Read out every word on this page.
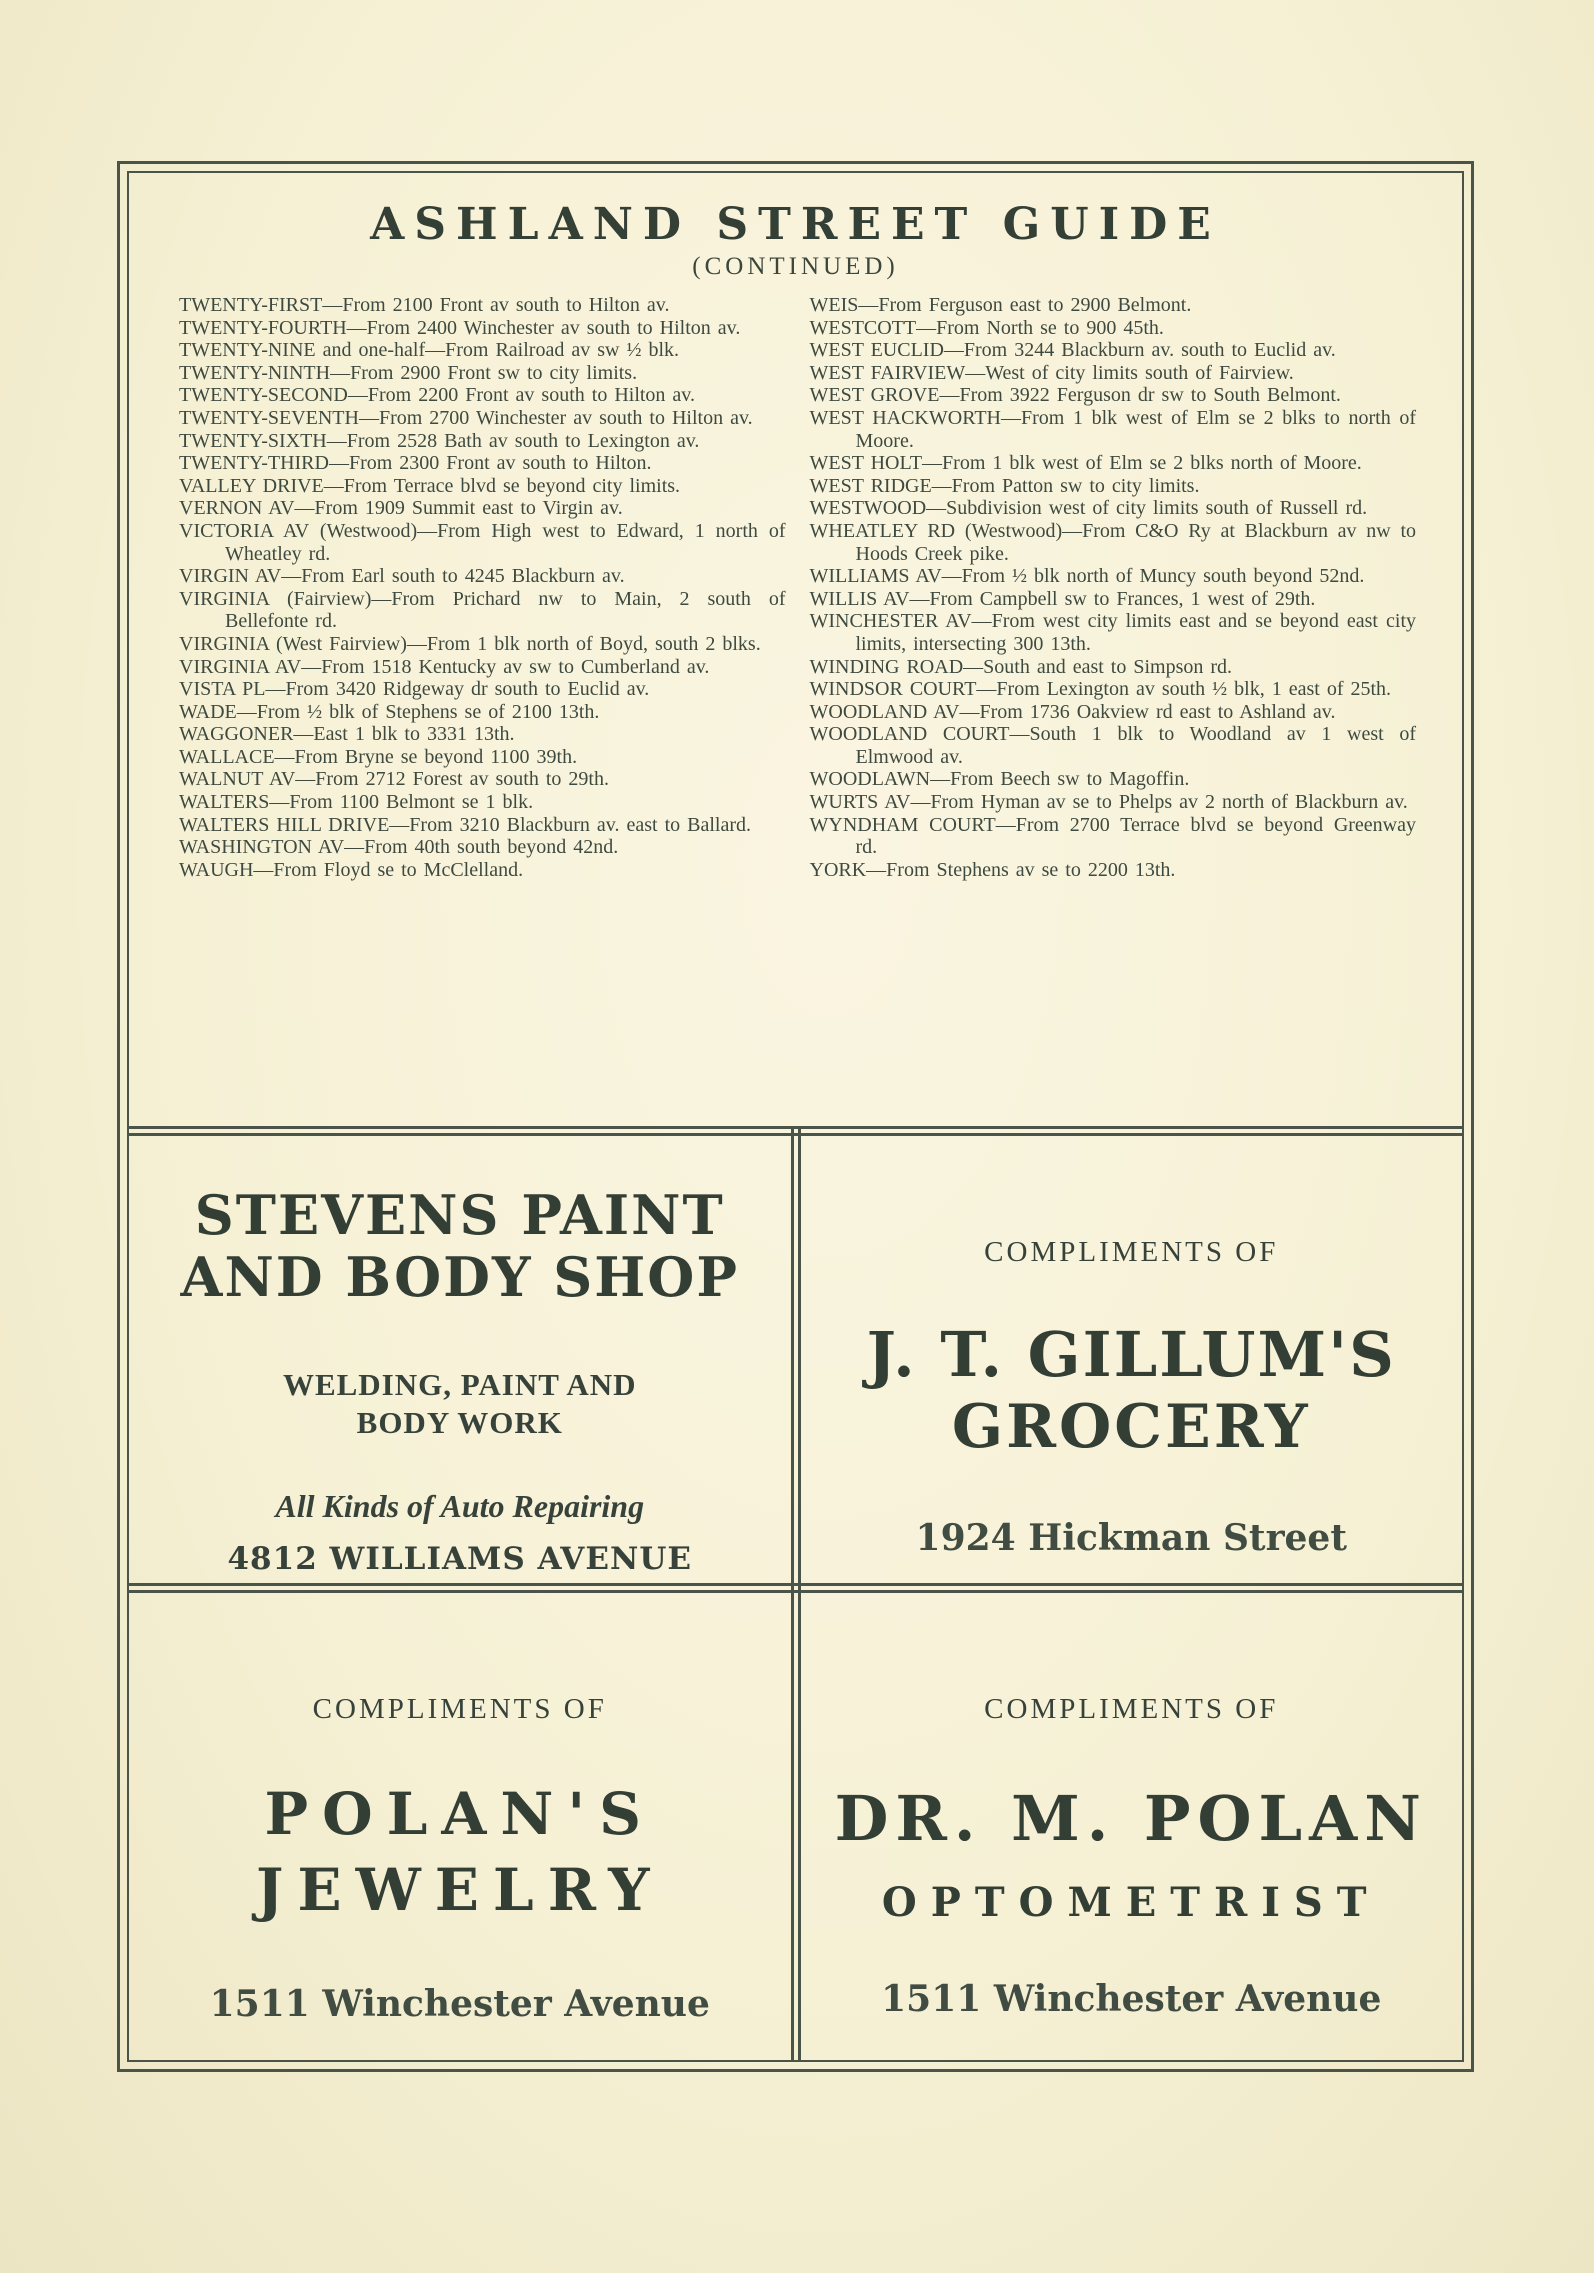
ASHLAND STREET GUIDE
(CONTINUED)

TWENTY-FIRST—From 2100 Front av south to Hilton av.

TWENTY-FOURTH—From 2400 Winchester av south to Hilton av.

TWENTY-NINE and one-half—From Railroad av sw ½ blk.

TWENTY-NINTH—From 2900 Front sw to city limits.

TWENTY-SECOND—From 2200 Front av south to Hilton av.

TWENTY-SEVENTH—From 2700 Winchester av south to Hilton av.

TWENTY-SIXTH—From 2528 Bath av south to Lexington av.

TWENTY-THIRD—From 2300 Front av south to Hilton.

VALLEY DRIVE—From Terrace blvd se beyond city limits.

VERNON AV—From 1909 Summit east to Virgin av.

VICTORIA AV (Westwood)—From High west to Edward, 1 north of Wheatley rd.

VIRGIN AV—From Earl south to 4245 Blackburn av.

VIRGINIA (Fairview)—From Prichard nw to Main, 2 south of Bellefonte rd.

VIRGINIA (West Fairview)—From 1 blk north of Boyd, south 2 blks.

VIRGINIA AV—From 1518 Kentucky av sw to Cumberland av.

VISTA PL—From 3420 Ridgeway dr south to Euclid av.

WADE—From ½ blk of Stephens se of 2100 13th.

WAGGONER—East 1 blk to 3331 13th.

WALLACE—From Bryne se beyond 1100 39th.

WALNUT AV—From 2712 Forest av south to 29th.

WALTERS—From 1100 Belmont se 1 blk.

WALTERS HILL DRIVE—From 3210 Blackburn av. east to Ballard.

WASHINGTON AV—From 40th south beyond 42nd.

WAUGH—From Floyd se to McClelland.

WEIS—From Ferguson east to 2900 Belmont.

WESTCOTT—From North se to 900 45th.

WEST EUCLID—From 3244 Blackburn av. south to Euclid av.

WEST FAIRVIEW—West of city limits south of Fairview.

WEST GROVE—From 3922 Ferguson dr sw to South Belmont.

WEST HACKWORTH—From 1 blk west of Elm se 2 blks to north of Moore.

WEST HOLT—From 1 blk west of Elm se 2 blks north of Moore.

WEST RIDGE—From Patton sw to city limits.

WESTWOOD—Subdivision west of city limits south of Russell rd.

WHEATLEY RD (Westwood)—From C&O Ry at Blackburn av nw to Hoods Creek pike.

WILLIAMS AV—From ½ blk north of Muncy south beyond 52nd.

WILLIS AV—From Campbell sw to Frances, 1 west of 29th.

WINCHESTER AV—From west city limits east and se beyond east city limits, intersecting 300 13th.

WINDING ROAD—South and east to Simpson rd.

WINDSOR COURT—From Lexington av south ½ blk, 1 east of 25th.

WOODLAND AV—From 1736 Oakview rd east to Ashland av.

WOODLAND COURT—South 1 blk to Woodland av 1 west of Elmwood av.

WOODLAWN—From Beech sw to Magoffin.

WURTS AV—From Hyman av se to Phelps av 2 north of Blackburn av.

WYNDHAM COURT—From 2700 Terrace blvd se beyond Greenway rd.

YORK—From Stephens av se to 2200 13th.

STEVENS PAINT

AND BODY SHOP

WELDING, PAINT AND

BODY WORK

All Kinds of Auto Repairing

4812 WILLIAMS AVENUE

COMPLIMENTS OF

J. T. GILLUM'S

GROCERY

1924 Hickman Street

COMPLIMENTS OF

POLAN'S

JEWELRY

1511 Winchester Avenue

COMPLIMENTS OF

DR. M. POLAN

OPTOMETRIST

1511 Winchester Avenue
